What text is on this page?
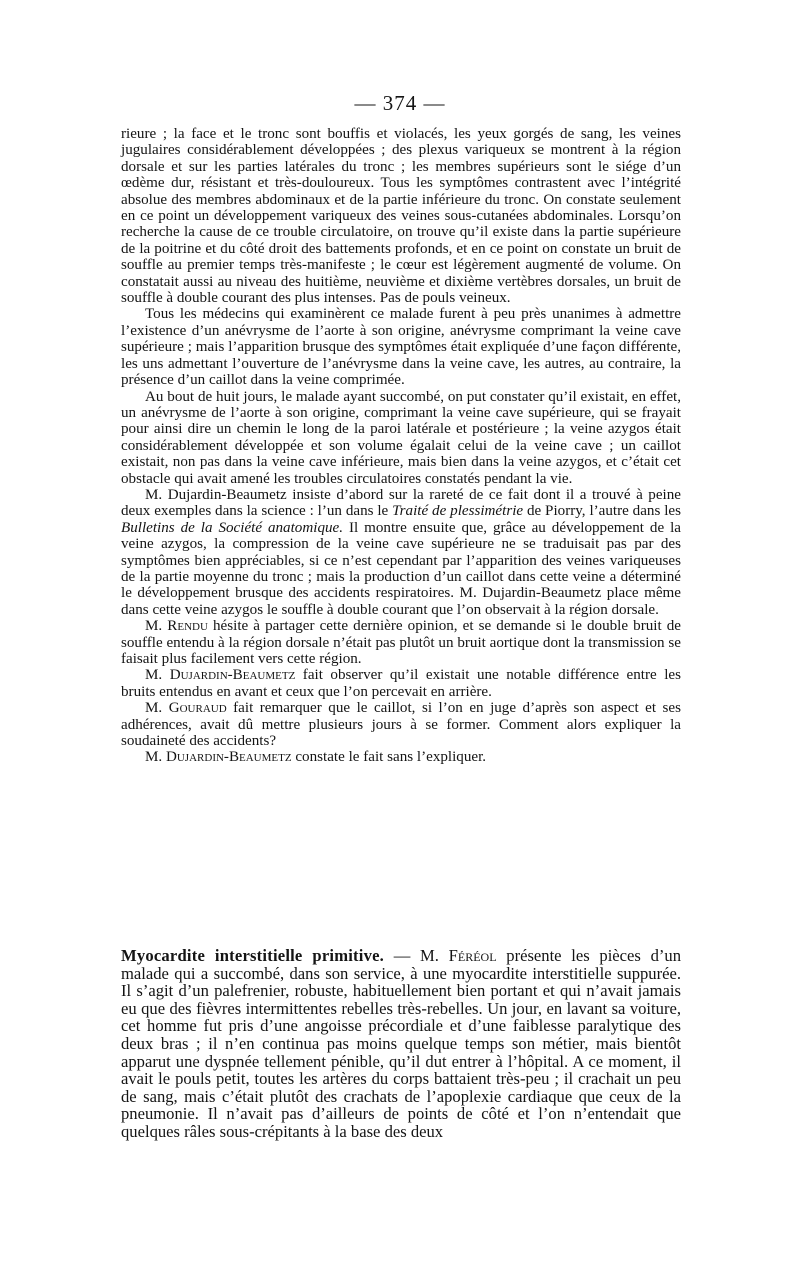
— 374 —

rieure ; la face et le tronc sont bouffis et violacés, les yeux gorgés de sang, les veines jugulaires considérablement développées ; des plexus variqueux se montrent à la région dorsale et sur les parties latérales du tronc ; les membres supérieurs sont le siége d’un œdème dur, résistant et très-douloureux. Tous les symptômes contrastent avec l’intégrité absolue des membres abdominaux et de la partie inférieure du tronc. On constate seulement en ce point un développement variqueux des veines sous-cutanées abdominales. Lorsqu’on recherche la cause de ce trouble circulatoire, on trouve qu’il existe dans la partie supérieure de la poitrine et du côté droit des battements profonds, et en ce point on constate un bruit de souffle au premier temps très-manifeste ; le cœur est légèrement augmenté de volume. On constatait aussi au niveau des huitième, neuvième et dixième vertèbres dorsales, un bruit de souffle à double courant des plus intenses. Pas de pouls veineux.

Tous les médecins qui examinèrent ce malade furent à peu près unanimes à admettre l’existence d’un anévrysme de l’aorte à son origine, anévrysme comprimant la veine cave supérieure ; mais l’apparition brusque des symptômes était expliquée d’une façon différente, les uns admettant l’ouverture de l’anévrysme dans la veine cave, les autres, au contraire, la présence d’un caillot dans la veine comprimée.

Au bout de huit jours, le malade ayant succombé, on put constater qu’il existait, en effet, un anévrysme de l’aorte à son origine, comprimant la veine cave supérieure, qui se frayait pour ainsi dire un chemin le long de la paroi latérale et postérieure ; la veine azygos était considérablement développée et son volume égalait celui de la veine cave ; un caillot existait, non pas dans la veine cave inférieure, mais bien dans la veine azygos, et c’était cet obstacle qui avait amené les troubles circulatoires constatés pendant la vie.

M. Dujardin-Beaumetz insiste d’abord sur la rareté de ce fait dont il a trouvé à peine deux exemples dans la science : l’un dans le Traité de plessimétrie de Piorry, l’autre dans les Bulletins de la Société anatomique. Il montre ensuite que, grâce au développement de la veine azygos, la compression de la veine cave supérieure ne se traduisait pas par des symptômes bien appréciables, si ce n’est cependant par l’apparition des veines variqueuses de la partie moyenne du tronc ; mais la production d’un caillot dans cette veine a déterminé le développement brusque des accidents respiratoires. M. Dujardin-Beaumetz place même dans cette veine azygos le souffle à double courant que l’on observait à la région dorsale.

M. Rendu hésite à partager cette dernière opinion, et se demande si le double bruit de souffle entendu à la région dorsale n’était pas plutôt un bruit aortique dont la transmission se faisait plus facilement vers cette région.

M. Dujardin-Beaumetz fait observer qu’il existait une notable différence entre les bruits entendus en avant et ceux que l’on percevait en arrière.

M. Gouraud fait remarquer que le caillot, si l’on en juge d’après son aspect et ses adhérences, avait dû mettre plusieurs jours à se former. Comment alors expliquer la soudaineté des accidents?

M. Dujardin-Beaumetz constate le fait sans l’expliquer.

Myocardite interstitielle primitive. — M. Féréol présente les pièces d’un malade qui a succombé, dans son service, à une myocardite interstitielle suppurée. Il s’agit d’un palefrenier, robuste, habituellement bien portant et qui n’avait jamais eu que des fièvres intermittentes rebelles très-rebelles. Un jour, en lavant sa voiture, cet homme fut pris d’une angoisse précordiale et d’une faiblesse paralytique des deux bras ; il n’en continua pas moins quelque temps son métier, mais bientôt apparut une dyspnée tellement pénible, qu’il dut entrer à l’hôpital. A ce moment, il avait le pouls petit, toutes les artères du corps battaient très-peu ; il crachait un peu de sang, mais c’était plutôt des crachats de l’apoplexie cardiaque que ceux de la pneumonie. Il n’avait pas d’ailleurs de points de côté et l’on n’entendait que quelques râles sous-crépitants à la base des deux
